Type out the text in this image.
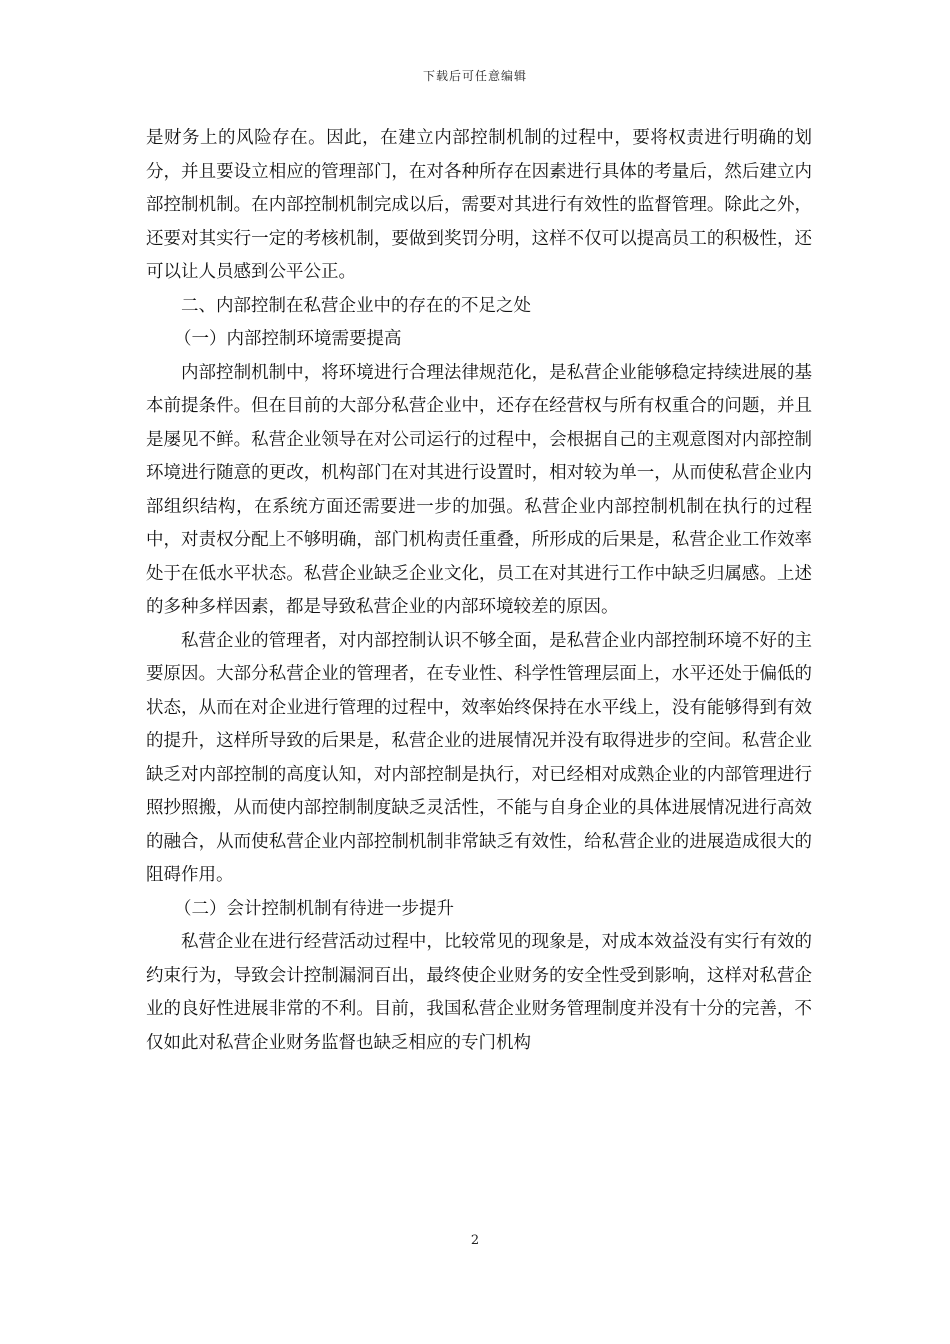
下载后可任意编辑

是财务上的风险存在。因此，在建立内部控制机制的过程中，要将权责进行明确的划分，并且要设立相应的管理部门，在对各种所存在因素进行具体的考量后，然后建立内部控制机制。在内部控制机制完成以后，需要对其进行有效性的监督管理。除此之外，还要对其实行一定的考核机制，要做到奖罚分明，这样不仅可以提高员工的积极性，还可以让人员感到公平公正。

二、内部控制在私营企业中的存在的不足之处

（一）内部控制环境需要提高

内部控制机制中，将环境进行合理法律规范化，是私营企业能够稳定持续进展的基本前提条件。但在目前的大部分私营企业中，还存在经营权与所有权重合的问题，并且是屡见不鲜。私营企业领导在对公司运行的过程中，会根据自己的主观意图对内部控制环境进行随意的更改，机构部门在对其进行设置时，相对较为单一，从而使私营企业内部组织结构，在系统方面还需要进一步的加强。私营企业内部控制机制在执行的过程中，对责权分配上不够明确，部门机构责任重叠，所形成的后果是，私营企业工作效率处于在低水平状态。私营企业缺乏企业文化，员工在对其进行工作中缺乏归属感。上述的多种多样因素，都是导致私营企业的内部环境较差的原因。

私营企业的管理者，对内部控制认识不够全面，是私营企业内部控制环境不好的主要原因。大部分私营企业的管理者，在专业性、科学性管理层面上，水平还处于偏低的状态，从而在对企业进行管理的过程中，效率始终保持在水平线上，没有能够得到有效的提升，这样所导致的后果是，私营企业的进展情况并没有取得进步的空间。私营企业缺乏对内部控制的高度认知，对内部控制是执行，对已经相对成熟企业的内部管理进行照抄照搬，从而使内部控制制度缺乏灵活性，不能与自身企业的具体进展情况进行高效的融合，从而使私营企业内部控制机制非常缺乏有效性，给私营企业的进展造成很大的阻碍作用。

（二）会计控制机制有待进一步提升

私营企业在进行经营活动过程中，比较常见的现象是，对成本效益没有实行有效的约束行为，导致会计控制漏洞百出，最终使企业财务的安全性受到影响，这样对私营企业的良好性进展非常的不利。目前，我国私营企业财务管理制度并没有十分的完善，不仅如此对私营企业财务监督也缺乏相应的专门机构

2
